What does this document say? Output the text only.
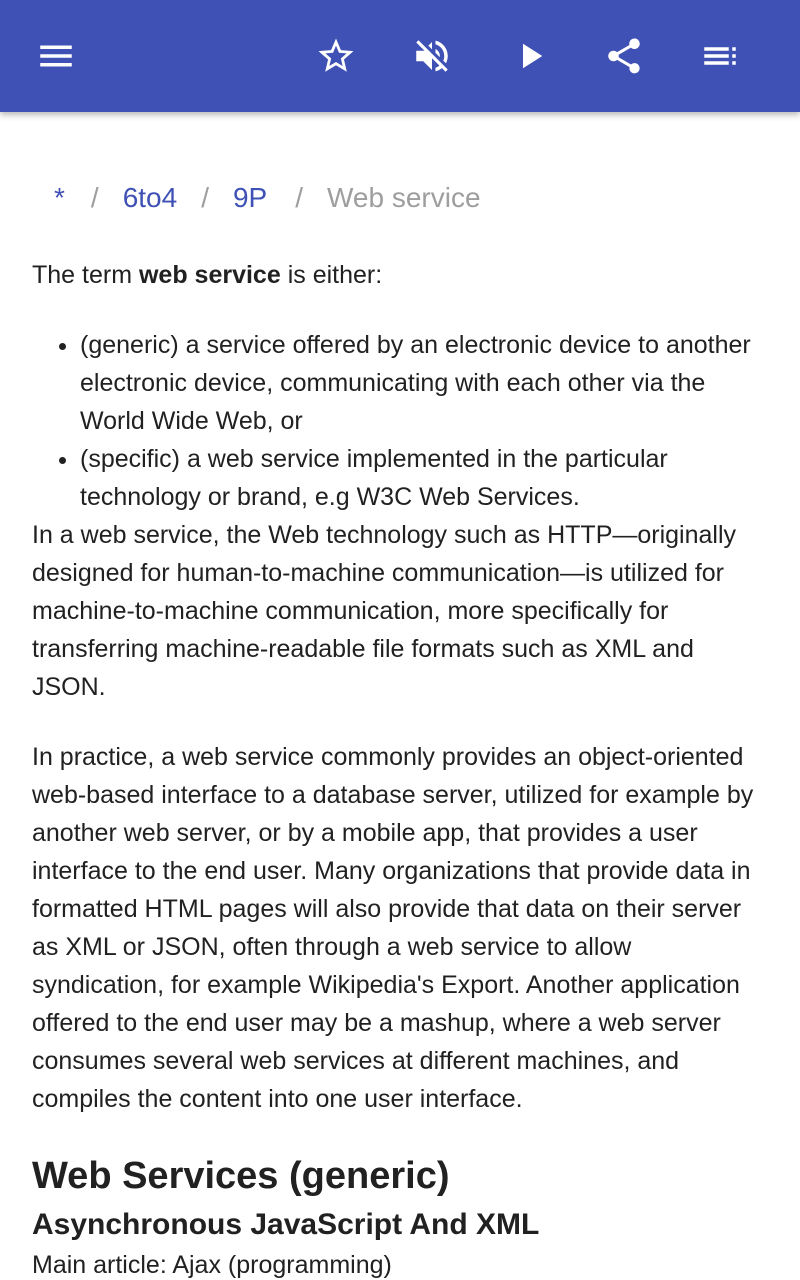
* / 6to4 / 9P / Web service

The term web service is either:

• (generic) a service offered by an electronic device to another electronic device, communicating with each other via the World Wide Web, or
• (specific) a web service implemented in the particular technology or brand, e.g W3C Web Services.

In a web service, the Web technology such as HTTP—originally designed for human-to-machine communication—is utilized for machine-to-machine communication, more specifically for transferring machine-readable file formats such as XML and JSON.

In practice, a web service commonly provides an object-oriented web-based interface to a database server, utilized for example by another web server, or by a mobile app, that provides a user interface to the end user. Many organizations that provide data in formatted HTML pages will also provide that data on their server as XML or JSON, often through a web service to allow syndication, for example Wikipedia's Export. Another application offered to the end user may be a mashup, where a web server consumes several web services at different machines, and compiles the content into one user interface.

Web Services (generic)
Asynchronous JavaScript And XML

Main article: Ajax (programming)
